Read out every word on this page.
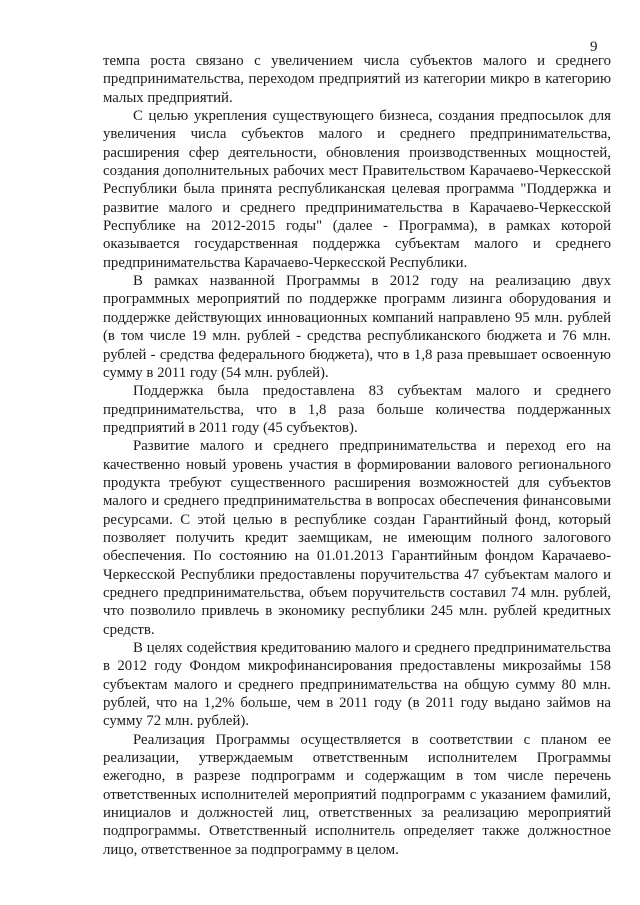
9

темпа роста связано с увеличением числа субъектов малого и среднего предпринимательства, переходом предприятий из категории микро в категорию малых предприятий.

С целью укрепления существующего бизнеса, создания предпосылок для увеличения числа субъектов малого и среднего предпринимательства, расширения сфер деятельности, обновления производственных мощностей, создания дополнительных рабочих мест Правительством Карачаево-Черкесской Республики была принята республиканская целевая программа "Поддержка и развитие малого и среднего предпринимательства в Карачаево-Черкесской Республике на 2012-2015 годы" (далее - Программа), в рамках которой оказывается государственная поддержка субъектам малого и среднего предпринимательства Карачаево-Черкесской Республики.

В рамках названной Программы в 2012 году на реализацию двух программных мероприятий по поддержке программ лизинга оборудования и поддержке действующих инновационных компаний направлено 95 млн. рублей (в том числе 19 млн. рублей - средства республиканского бюджета и 76 млн. рублей - средства федерального бюджета), что в 1,8 раза превышает освоенную сумму в 2011 году (54 млн. рублей).

Поддержка была предоставлена 83 субъектам малого и среднего предпринимательства, что в 1,8 раза больше количества поддержанных предприятий в 2011 году (45 субъектов).

Развитие малого и среднего предпринимательства и переход его на качественно новый уровень участия в формировании валового регионального продукта требуют существенного расширения возможностей для субъектов малого и среднего предпринимательства в вопросах обеспечения финансовыми ресурсами. С этой целью в республике создан Гарантийный фонд, который позволяет получить кредит заемщикам, не имеющим полного залогового обеспечения. По состоянию на 01.01.2013 Гарантийным фондом Карачаево-Черкесской Республики предоставлены поручительства 47 субъектам малого и среднего предпринимательства, объем поручительств составил 74 млн. рублей, что позволило привлечь в экономику республики 245 млн. рублей кредитных средств.

В целях содействия кредитованию малого и среднего предпринимательства в 2012 году Фондом микрофинансирования предоставлены микрозаймы 158 субъектам малого и среднего предпринимательства на общую сумму 80 млн. рублей, что на 1,2% больше, чем в 2011 году (в 2011 году выдано займов на сумму 72 млн. рублей).

Реализация Программы осуществляется в соответствии с планом ее реализации, утверждаемым ответственным исполнителем Программы ежегодно, в разрезе подпрограмм и содержащим в том числе перечень ответственных исполнителей мероприятий подпрограмм с указанием фамилий, инициалов и должностей лиц, ответственных за реализацию мероприятий подпрограммы. Ответственный исполнитель определяет также должностное лицо, ответственное за подпрограмму в целом.
